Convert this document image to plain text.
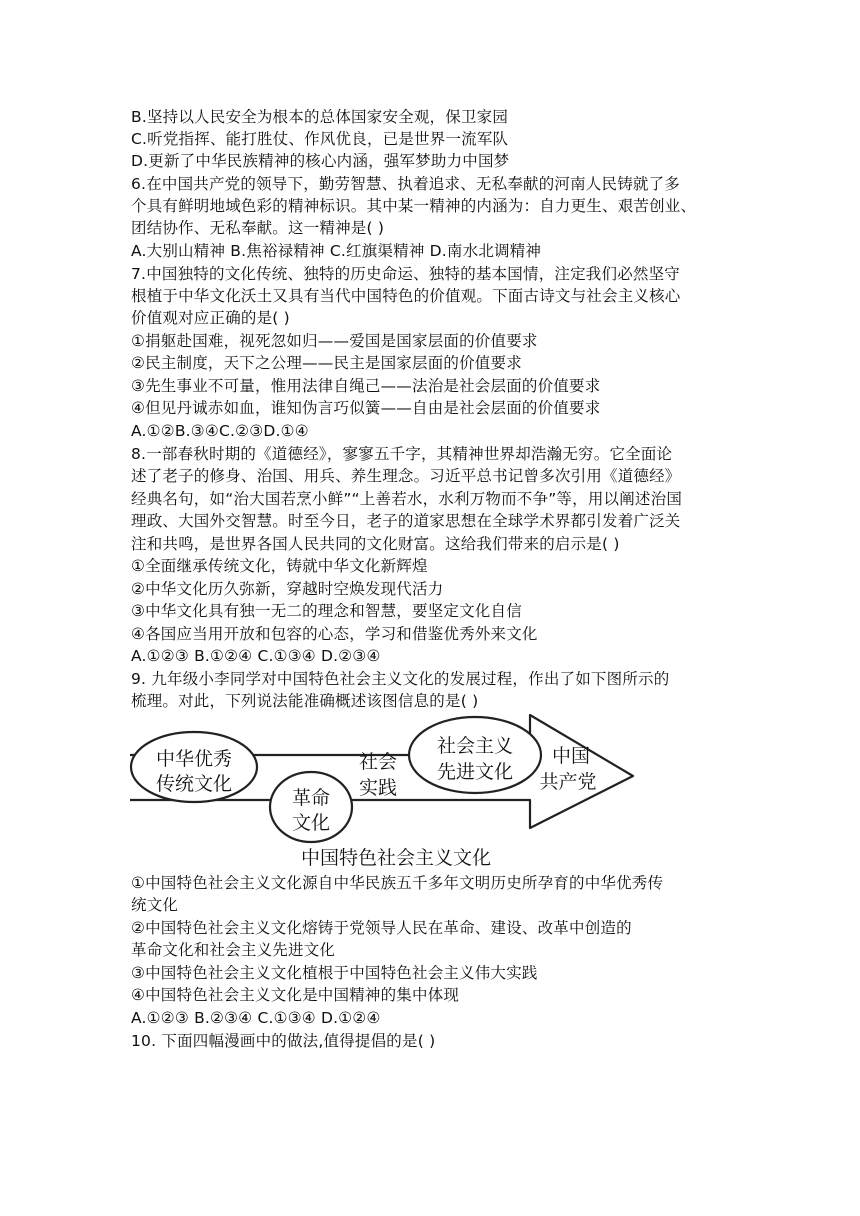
B.坚持以人民安全为根本的总体国家安全观，保卫家园
C.听党指挥、能打胜仗、作风优良，已是世界一流军队
D.更新了中华民族精神的核心内涵，强军梦助力中国梦
6.在中国共产党的领导下，勤劳智慧、执着追求、无私奉献的河南人民铸就了多
个具有鲜明地域色彩的精神标识。其中某一精神的内涵为：自力更生、艰苦创业、
团结协作、无私奉献。这一精神是( )
A.大别山精神 B.焦裕禄精神 C.红旗渠精神 D.南水北调精神
7.中国独特的文化传统、独特的历史命运、独特的基本国情，注定我们必然坚守
根植于中华文化沃土又具有当代中国特色的价值观。下面古诗文与社会主义核心
价值观对应正确的是( )
①捐躯赴国难，视死忽如归——爱国是国家层面的价值要求
②民主制度，天下之公理——民主是国家层面的价值要求
③先生事业不可量，惟用法律自绳己——法治是社会层面的价值要求
④但见丹诚赤如血，谁知伪言巧似簧——自由是社会层面的价值要求
A.①②B.③④C.②③D.①④
8.一部春秋时期的《道德经》，寥寥五千字，其精神世界却浩瀚无穷。它全面论
述了老子的修身、治国、用兵、养生理念。习近平总书记曾多次引用《道德经》
经典名句，如“治大国若烹小鲜”“上善若水，水利万物而不争”等，用以阐述治国
理政、大国外交智慧。时至今日，老子的道家思想在全球学术界都引发着广泛关
注和共鸣，是世界各国人民共同的文化财富。这给我们带来的启示是( )
①全面继承传统文化，铸就中华文化新辉煌
②中华文化历久弥新，穿越时空焕发现代活力
③中华文化具有独一无二的理念和智慧，要坚定文化自信
④各国应当用开放和包容的心态，学习和借鉴优秀外来文化
A.①②③ B.①②④ C.①③④ D.②③④
9. 九年级小李同学对中国特色社会主义文化的发展过程，作出了如下图所示的
梳理。对此，下列说法能准确概述该图信息的是( )
中华优秀
传统文化
革命
文化
社会
实践
社会主义
先进文化
中国
共产党
中国特色社会主义文化
①中国特色社会主义文化源自中华民族五千多年文明历史所孕育的中华优秀传
统文化
②中国特色社会主义文化熔铸于党领导人民在革命、建设、改革中创造的
革命文化和社会主义先进文化
③中国特色社会主义文化植根于中国特色社会主义伟大实践
④中国特色社会主义文化是中国精神的集中体现
A.①②③ B.②③④ C.①③④ D.①②④
10. 下面四幅漫画中的做法,值得提倡的是( )
